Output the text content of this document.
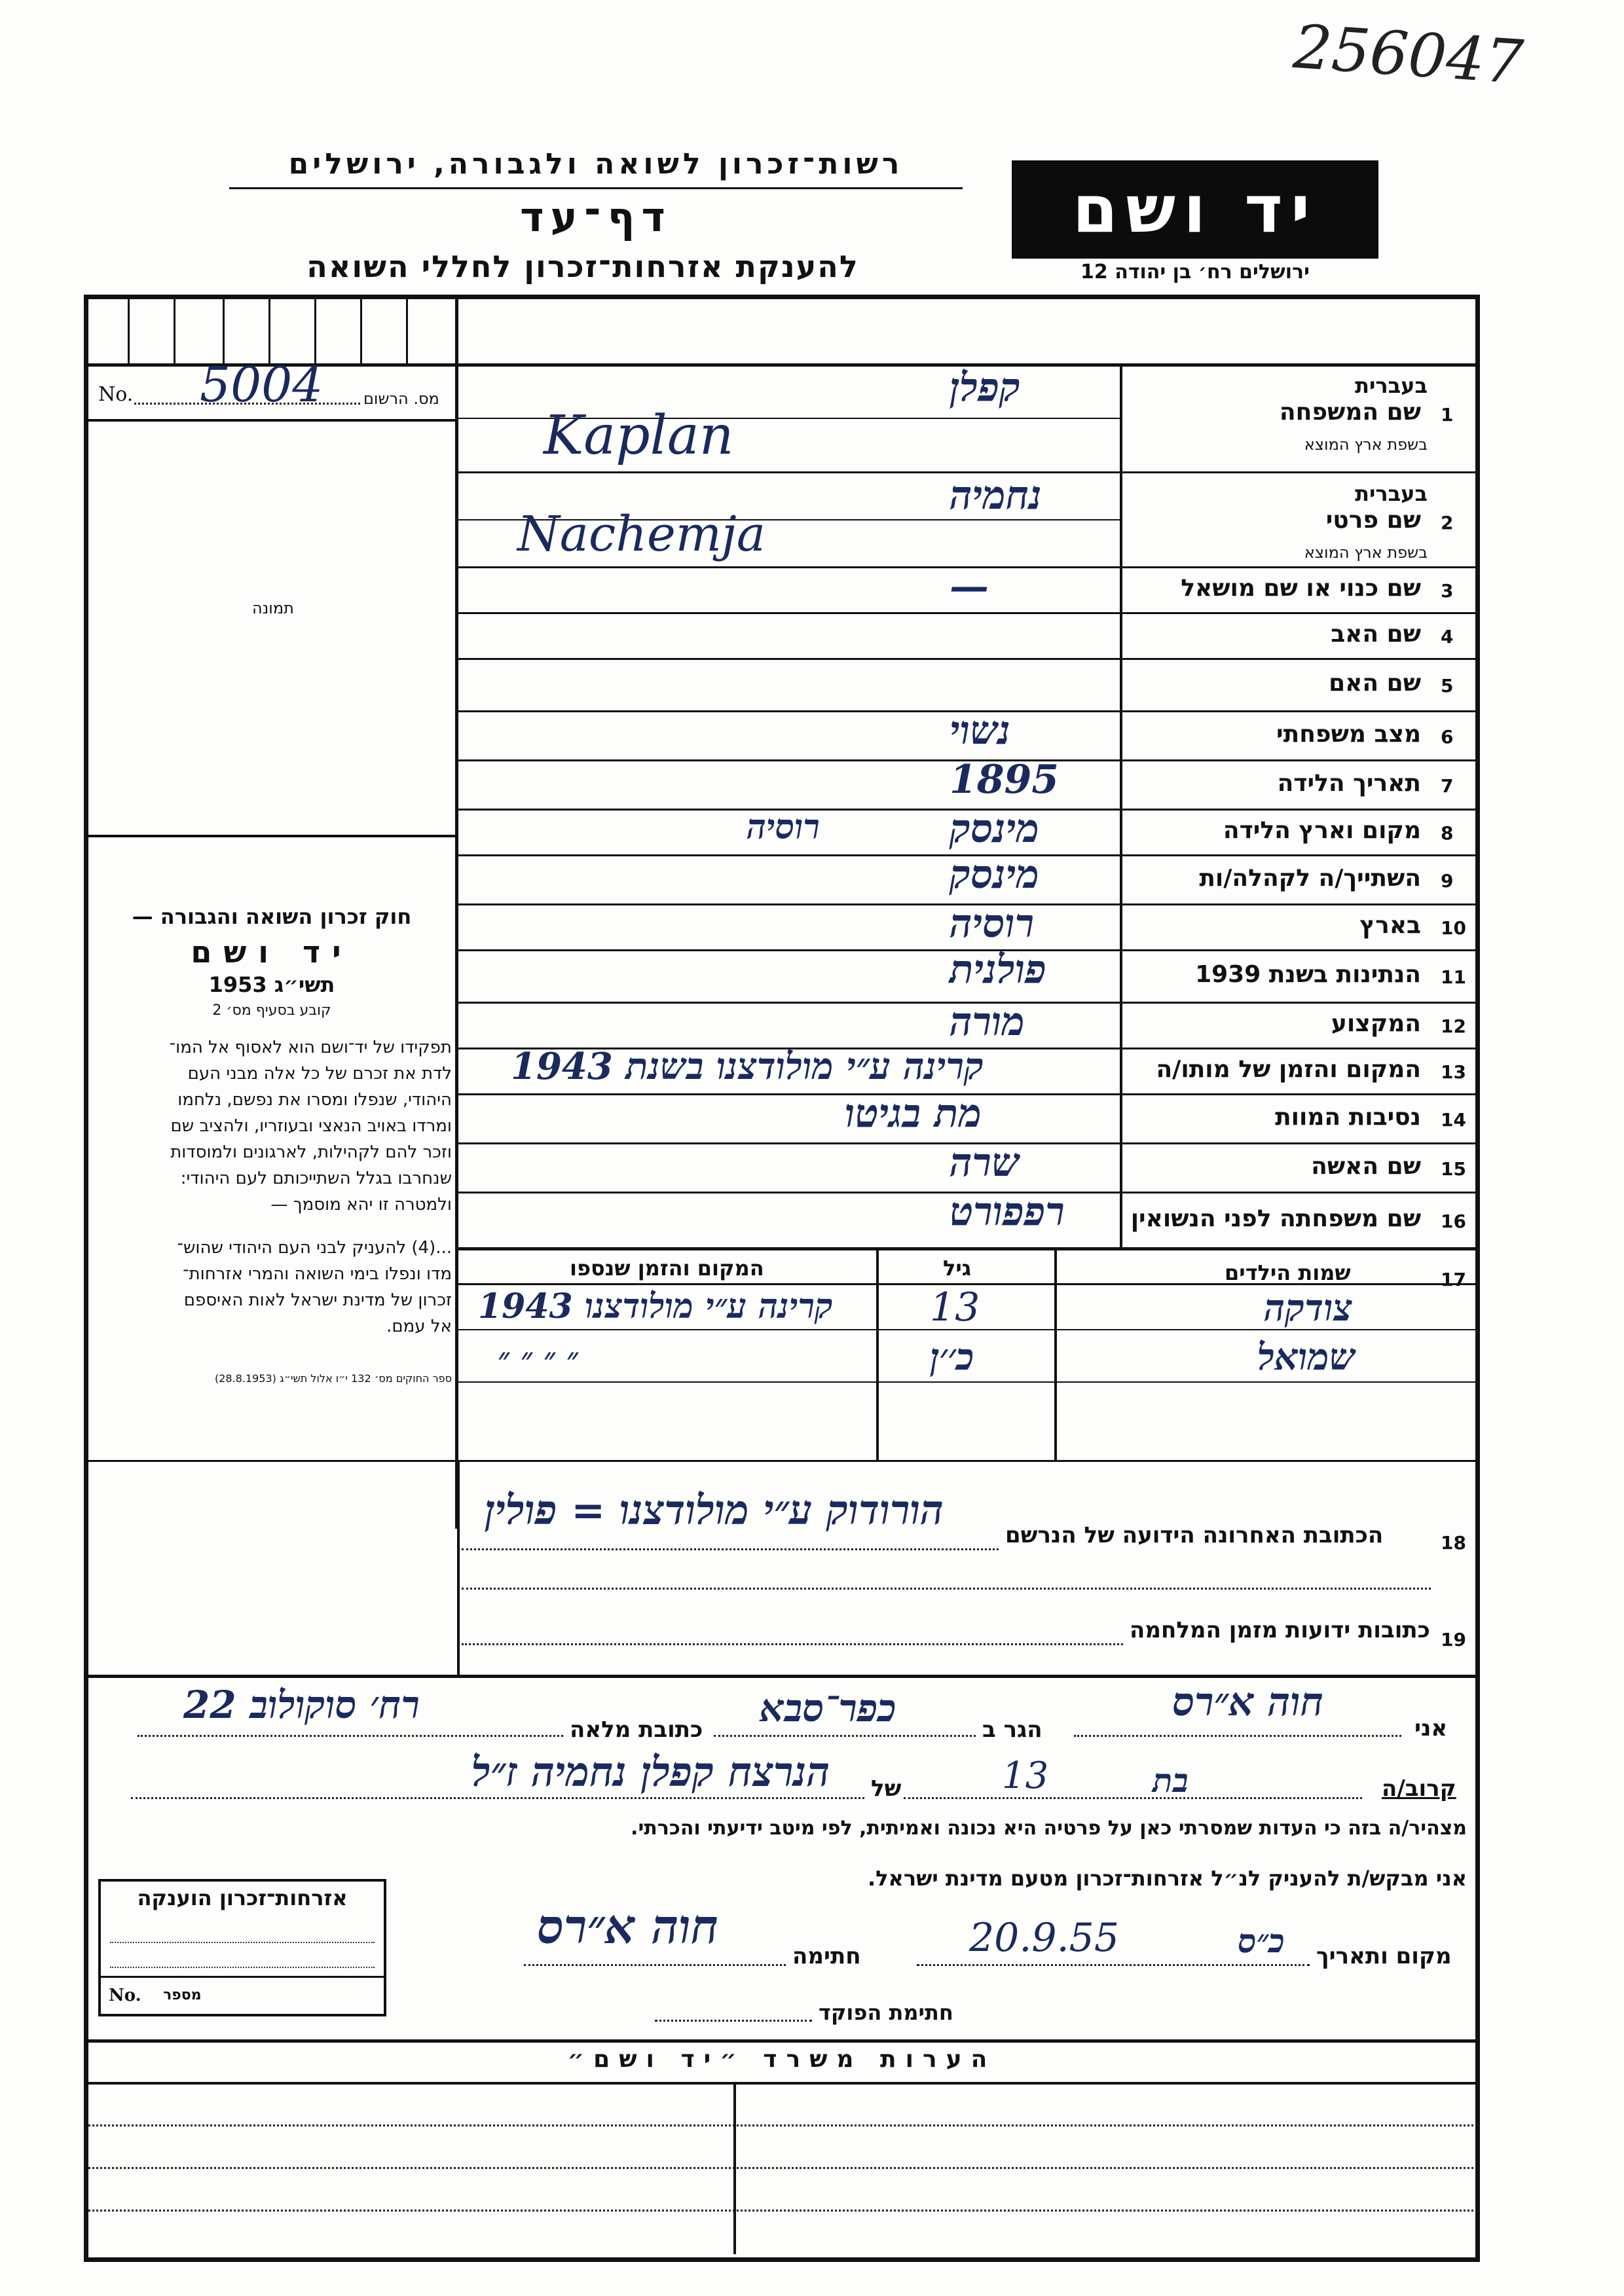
256047
רשות־זכרון לשואה ולגבורה, ירושלים
דף־עד
להענקת אזרחות־זכרון לחללי השואה
יד ושם
ירושלים רח׳ בן יהודה 12
No. 5004	מס. הרשום
תמונה
חוק זכרון השואה והגבורה —
יד ושם
תשי״ג 1953
קובע בסעיף מס׳ 2
תפקידו של יד־ושם הוא לאסוף אל המו־
לדת את זכרם של כל אלה מבני העם
היהודי, שנפלו ומסרו את נפשם, נלחמו
ומרדו באויב הנאצי ובעוזריו, ולהציב שם
וזכר להם לקהילות, לארגונים ולמוסדות
שנחרבו בגלל השתייכותם לעם היהודי:
ולמטרה זו יהא מוסמך —
...(4) להעניק לבני העם היהודי שהוש־
מדו ונפלו בימי השואה והמרי אזרחות־
זכרון של מדינת ישראל לאות האיספם
אל עמם.
ספר החוקים מס׳ 132 י״ו אלול תשי״ג (28.8.1953)
1
שם המשפחה
בעברית
בשפת ארץ המוצא
קפלן
Kaplan
2
שם פרטי
בעברית
בשפת ארץ המוצא
נחמיה
Nachemja
3
שם כנוי או שם מושאל
—
4
שם האב
5
שם האם
6
מצב משפחתי
נשוי
7
תאריך הלידה
1895
8
מקום וארץ הלידה
מינסק
רוסיה
9
השתייך/ה לקהלה/ות
מינסק
10
בארץ
רוסיה
11
הנתינות בשנת 1939
פולנית
12
המקצוע
מורה
13
המקום והזמן של מותו/ה
קרינה ע״י מולודצנו בשנת 1943
14
נסיבות המוות
מת בגיטו
15
שם האשה
שרה
16
שם משפחתה לפני הנשואין
רפפורט
17
שמות הילדים
גיל
המקום והזמן שנספו
צודקה
13
קרינה ע״י מולודצנו 1943
שמואל
כ׳׳ן
״ ״ ״ ״
18
הכתובת האחרונה הידועה של הנרשם
הורודוק ע״י מולודצנו = פולין
19
כתובות ידועות מזמן המלחמה
אני
חוה א״רס
הגר ב
כפר־סבא
כתובת מלאה
רח׳ סוקולוב 22
קרוב/ה
בת
13
של
הנרצח קפלן נחמיה ז״ל
מצהיר/ה בזה כי העדות שמסרתי כאן על פרטיה היא נכונה ואמיתית, לפי מיטב ידיעתי והכרתי.
אני מבקש/ת להעניק לנ״ל אזרחות־זכרון מטעם מדינת ישראל.
מקום ותאריך
כ״ס
20.9.55
חתימה
חוה א״רס
חתימת הפוקד
אזרחות־זכרון הוענקה
No. מספר
הערות משרד ״יד ושם״
